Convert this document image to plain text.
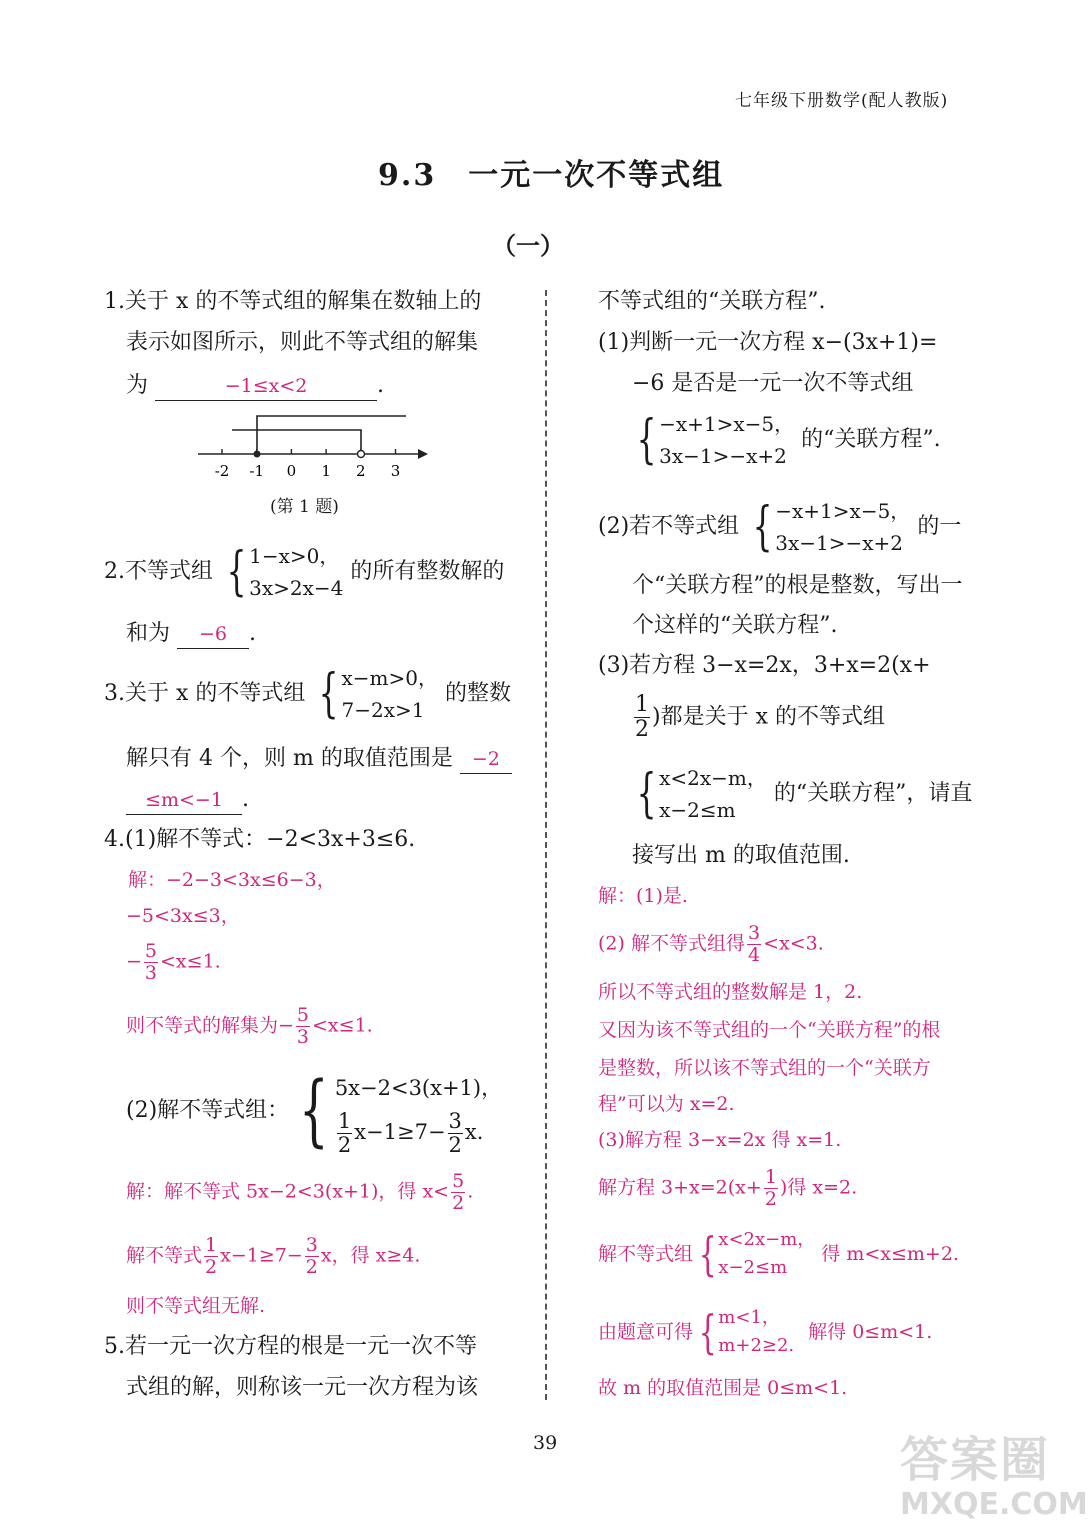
七年级下册数学(配人教版)
9.3　一元一次不等式组
（一）
1.关于 x 的不等式组的解集在数轴上的
表示如图所示，则此不等式组的解集
为	−1≤x<2	.
-2 -1 0 1 2 3
(第 1 题)
2.不等式组 { 1−x>0，
3x>2x−4
的所有整数解的
和为 −6 .
3.关于 x 的不等式组 { x−m>0，
7−2x>1
的整数
解只有 4 个，则 m 的取值范围是 −2
≤m<−1 .
4.(1)解不等式：−2<3x+3≤6.
解：−2−3<3x≤6−3，
−5<3x≤3，
− $\frac{5}{3} <x\le 1$.
则不等式的解集为− $\frac{5}{3} <x\le 1$.
(2)解不等式组： { 5x−2<3(x+1)，
$\frac{1}{2} x-1\ge 7- \frac{3}{2} x$.
解：解不等式 5x−2<3(x+1)，得 $x< \frac{5}{2}$ .
解不等式 $\frac{1}{2} x-1\ge 7- \frac{3}{2}$ x，得 x≥4.
则不等式组无解.
5.若一元一次方程的根是一元一次不等
式组的解，则称该一元一次方程为该
不等式组的“关联方程”.
(1)判断一元一次方程 x−(3x+1)=
−6 是否是一元一次不等式组
{ −x+1>x−5，
3x−1>−x+2
的“关联方程”.
(2)若不等式组 { −x+1>x−5，
3x−1>−x+2
的一
个“关联方程”的根是整数，写出一
个这样的“关联方程”.
(3)若方程 3−x=2x，3+x=2(x+
$\frac{1}{2}$ )都是关于 x 的不等式组
{ x<2x−m，
x−2≤m
的“关联方程”，请直
接写出 m 的取值范围.
解：(1)是.
(2) 解不等式组得 $\frac{3}{4} <x<3$.
所以不等式组的整数解是 1，2.
又因为该不等式组的一个“关联方程”的根
是整数，所以该不等式组的一个“关联方
程”可以为 x=2.
(3)解方程 3−x=2x 得 x=1.
解方程 $3+x=2(x+ \frac{1}{2}$ )得 x=2.
解不等式组 { x<2x−m，
x−2≤m
得 m<x≤m+2.
由题意可得 { m<1，
m+2≥2.
解得 0≤m<1.
故 m 的取值范围是 0≤m<1.
39	答案圈
MXQE.COM
